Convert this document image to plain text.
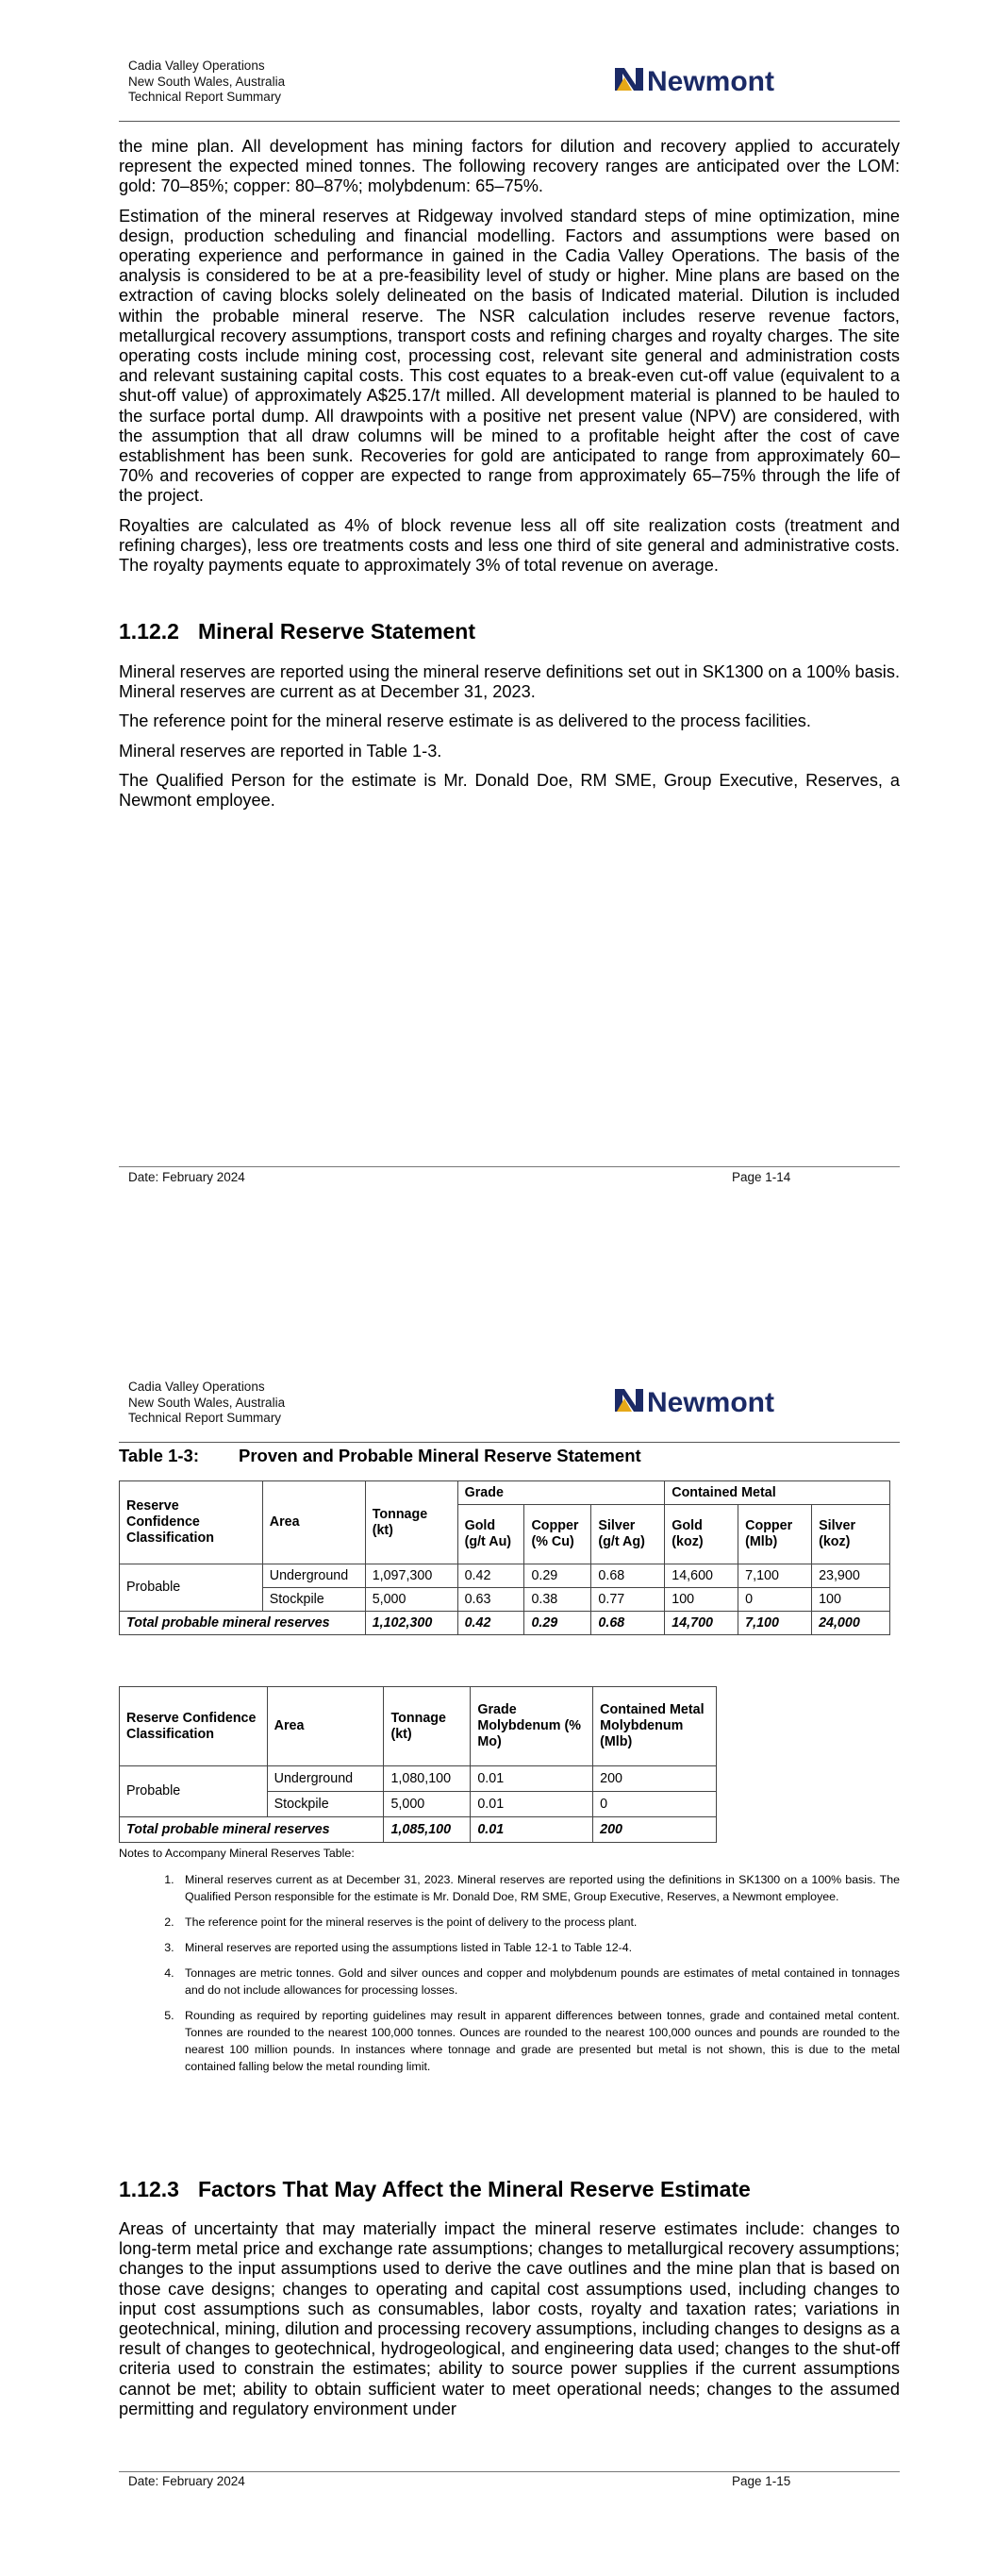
Cadia Valley Operations
New South Wales, Australia
Technical Report Summary	Newmont

the mine plan. All development has mining factors for dilution and recovery applied to accurately represent the expected mined tonnes. The following recovery ranges are anticipated over the LOM: gold: 70–85%; copper: 80–87%; molybdenum: 65–75%.

Estimation of the mineral reserves at Ridgeway involved standard steps of mine optimization, mine design, production scheduling and financial modelling. Factors and assumptions were based on operating experience and performance in gained in the Cadia Valley Operations. The basis of the analysis is considered to be at a pre-feasibility level of study or higher. Mine plans are based on the extraction of caving blocks solely delineated on the basis of Indicated material. Dilution is included within the probable mineral reserve. The NSR calculation includes reserve revenue factors, metallurgical recovery assumptions, transport costs and refining charges and royalty charges. The site operating costs include mining cost, processing cost, relevant site general and administration costs and relevant sustaining capital costs. This cost equates to a break-even cut-off value (equivalent to a shut-off value) of approximately A$25.17/t milled. All development material is planned to be hauled to the surface portal dump. All drawpoints with a positive net present value (NPV) are considered, with the assumption that all draw columns will be mined to a profitable height after the cost of cave establishment has been sunk. Recoveries for gold are anticipated to range from approximately 60–70% and recoveries of copper are expected to range from approximately 65–75% through the life of the project.

Royalties are calculated as 4% of block revenue less all off site realization costs (treatment and refining charges), less ore treatments costs and less one third of site general and administrative costs. The royalty payments equate to approximately 3% of total revenue on average.

1.12.2 Mineral Reserve Statement

Mineral reserves are reported using the mineral reserve definitions set out in SK1300 on a 100% basis. Mineral reserves are current as at December 31, 2023.

The reference point for the mineral reserve estimate is as delivered to the process facilities.

Mineral reserves are reported in Table 1-3.

The Qualified Person for the estimate is Mr. Donald Doe, RM SME, Group Executive, Reserves, a Newmont employee.

Date: February 2024	Page 1-14
Cadia Valley Operations
New South Wales, Australia
Technical Report Summary	Newmont
Table 1-3: Proven and Probable Mineral Reserve Statement
Reserve Confidence Classification	Area	Tonnage (kt)	Grade			Contained Metal		
			Gold (g/t Au)	Copper (% Cu)	Silver (g/t Ag)	Gold (koz)	Copper (Mlb)	Silver (koz)
Probable	Underground	1,097,300	0.42	0.29	0.68	14,600	7,100	23,900
	Stockpile	5,000	0.63	0.38	0.77	100	0	100
Total probable mineral reserves		1,102,300	0.42	0.29	0.68	14,700	7,100	24,000
Reserve Confidence Classification	Area	Tonnage (kt)	Grade Molybdenum (% Mo)	Contained Metal Molybdenum (Mlb)
Probable	Underground	1,080,100	0.01	200
	Stockpile	5,000	0.01	0
Total probable mineral reserves		1,085,100	0.01	200
Notes to Accompany Mineral Reserves Table:
1. Mineral reserves current as at December 31, 2023. Mineral reserves are reported using the definitions in SK1300 on a 100% basis. The Qualified Person responsible for the estimate is Mr. Donald Doe, RM SME, Group Executive, Reserves, a Newmont employee.
2. The reference point for the mineral reserves is the point of delivery to the process plant.
3. Mineral reserves are reported using the assumptions listed in Table 12-1 to Table 12-4.
4. Tonnages are metric tonnes. Gold and silver ounces and copper and molybdenum pounds are estimates of metal contained in tonnages and do not include allowances for processing losses.
5. Rounding as required by reporting guidelines may result in apparent differences between tonnes, grade and contained metal content. Tonnes are rounded to the nearest 100,000 tonnes. Ounces are rounded to the nearest 100,000 ounces and pounds are rounded to the nearest 100 million pounds. In instances where tonnage and grade are presented but metal is not shown, this is due to the metal contained falling below the metal rounding limit.
1.12.3 Factors That May Affect the Mineral Reserve Estimate

Areas of uncertainty that may materially impact the mineral reserve estimates include: changes to long-term metal price and exchange rate assumptions; changes to metallurgical recovery assumptions; changes to the input assumptions used to derive the cave outlines and the mine plan that is based on those cave designs; changes to operating and capital cost assumptions used, including changes to input cost assumptions such as consumables, labor costs, royalty and taxation rates; variations in geotechnical, mining, dilution and processing recovery assumptions, including changes to designs as a result of changes to geotechnical, hydrogeological, and engineering data used; changes to the shut-off criteria used to constrain the estimates; ability to source power supplies if the current assumptions cannot be met; ability to obtain sufficient water to meet operational needs; changes to the assumed permitting and regulatory environment under

Date: February 2024	Page 1-15
